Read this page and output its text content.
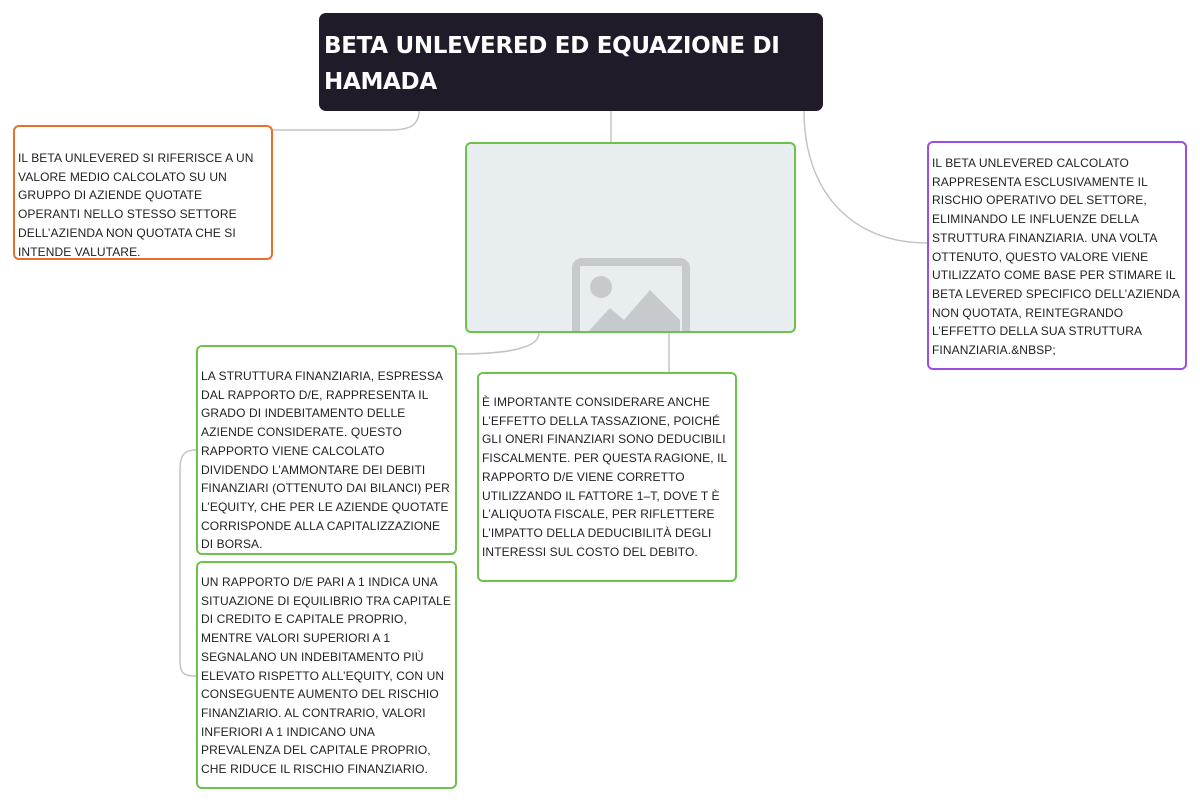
BETA UNLEVERED ED EQUAZIONE DI HAMADA
IL BETA UNLEVERED SI RIFERISCE A UN VALORE MEDIO CALCOLATO SU UN GRUPPO DI AZIENDE QUOTATE OPERANTI NELLO STESSO SETTORE DELL’AZIENDA NON QUOTATA CHE SI INTENDE VALUTARE.
IL BETA UNLEVERED CALCOLATO RAPPRESENTA ESCLUSIVAMENTE IL RISCHIO OPERATIVO DEL SETTORE, ELIMINANDO LE INFLUENZE DELLA STRUTTURA FINANZIARIA. UNA VOLTA OTTENUTO, QUESTO VALORE VIENE UTILIZZATO COME BASE PER STIMARE IL BETA LEVERED SPECIFICO DELL’AZIENDA NON QUOTATA, REINTEGRANDO L’EFFETTO DELLA SUA STRUTTURA FINANZIARIA.&NBSP;
LA STRUTTURA FINANZIARIA, ESPRESSA DAL RAPPORTO D/E, RAPPRESENTA IL GRADO DI INDEBITAMENTO DELLE AZIENDE CONSIDERATE. QUESTO RAPPORTO VIENE CALCOLATO DIVIDENDO L’AMMONTARE DEI DEBITI FINANZIARI (OTTENUTO DAI BILANCI) PER L’EQUITY, CHE PER LE AZIENDE QUOTATE CORRISPONDE ALLA CAPITALIZZAZIONE DI BORSA.
UN RAPPORTO D/E PARI A 1 INDICA UNA SITUAZIONE DI EQUILIBRIO TRA CAPITALE DI CREDITO E CAPITALE PROPRIO, MENTRE VALORI SUPERIORI A 1 SEGNALANO UN INDEBITAMENTO PIÙ ELEVATO RISPETTO ALL’EQUITY, CON UN CONSEGUENTE AUMENTO DEL RISCHIO FINANZIARIO. AL CONTRARIO, VALORI INFERIORI A 1 INDICANO UNA PREVALENZA DEL CAPITALE PROPRIO, CHE RIDUCE IL RISCHIO FINANZIARIO.
È IMPORTANTE CONSIDERARE ANCHE L’EFFETTO DELLA TASSAZIONE, POICHÉ GLI ONERI FINANZIARI SONO DEDUCIBILI FISCALMENTE. PER QUESTA RAGIONE, IL RAPPORTO D/E VIENE CORRETTO UTILIZZANDO IL FATTORE 1–T, DOVE T È L’ALIQUOTA FISCALE, PER RIFLETTERE L’IMPATTO DELLA DEDUCIBILITÀ DEGLI INTERESSI SUL COSTO DEL DEBITO.
